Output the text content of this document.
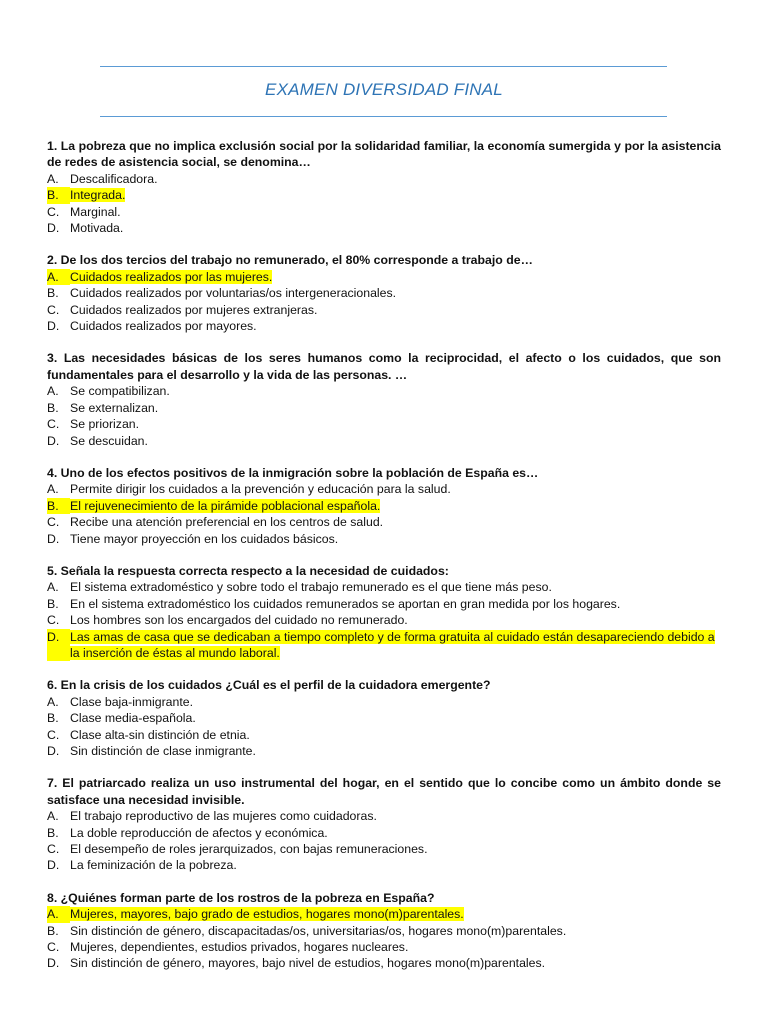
EXAMEN DIVERSIDAD FINAL
1. La pobreza que no implica exclusión social por la solidaridad familiar, la economía sumergida y por la asistencia de redes de asistencia social, se denomina…
A. Descalificadora.
B. Integrada.
C. Marginal.
D. Motivada.
2. De los dos tercios del trabajo no remunerado, el 80% corresponde a trabajo de…
A. Cuidados realizados por las mujeres.
B. Cuidados realizados por voluntarias/os intergeneracionales.
C. Cuidados realizados por mujeres extranjeras.
D. Cuidados realizados por mayores.
3. Las necesidades básicas de los seres humanos como la reciprocidad, el afecto o los cuidados, que son fundamentales para el desarrollo y la vida de las personas. …
A. Se compatibilizan.
B. Se externalizan.
C. Se priorizan.
D. Se descuidan.
4. Uno de los efectos positivos de la inmigración sobre la población de España es…
A. Permite dirigir los cuidados a la prevención y educación para la salud.
B. El rejuvenecimiento de la pirámide poblacional española.
C. Recibe una atención preferencial en los centros de salud.
D. Tiene mayor proyección en los cuidados básicos.
5. Señala la respuesta correcta respecto a la necesidad de cuidados:
A. El sistema extradoméstico y sobre todo el trabajo remunerado es el que tiene más peso.
B. En el sistema extradoméstico los cuidados remunerados se aportan en gran medida por los hogares.
C. Los hombres son los encargados del cuidado no remunerado.
D. Las amas de casa que se dedicaban a tiempo completo y de forma gratuita al cuidado están desapareciendo debido a la inserción de éstas al mundo laboral.
6. En la crisis de los cuidados ¿Cuál es el perfil de la cuidadora emergente?
A. Clase baja-inmigrante.
B. Clase media-española.
C. Clase alta-sin distinción de etnia.
D. Sin distinción de clase inmigrante.
7. El patriarcado realiza un uso instrumental del hogar, en el sentido que lo concibe como un ámbito donde se satisface una necesidad invisible.
A. El trabajo reproductivo de las mujeres como cuidadoras.
B. La doble reproducción de afectos y económica.
C. El desempeño de roles jerarquizados, con bajas remuneraciones.
D. La feminización de la pobreza.
8. ¿Quiénes forman parte de los rostros de la pobreza en España?
A. Mujeres, mayores, bajo grado de estudios, hogares mono(m)parentales.
B. Sin distinción de género, discapacitadas/os, universitarias/os, hogares mono(m)parentales.
C. Mujeres, dependientes, estudios privados, hogares nucleares.
D. Sin distinción de género, mayores, bajo nivel de estudios, hogares mono(m)parentales.
